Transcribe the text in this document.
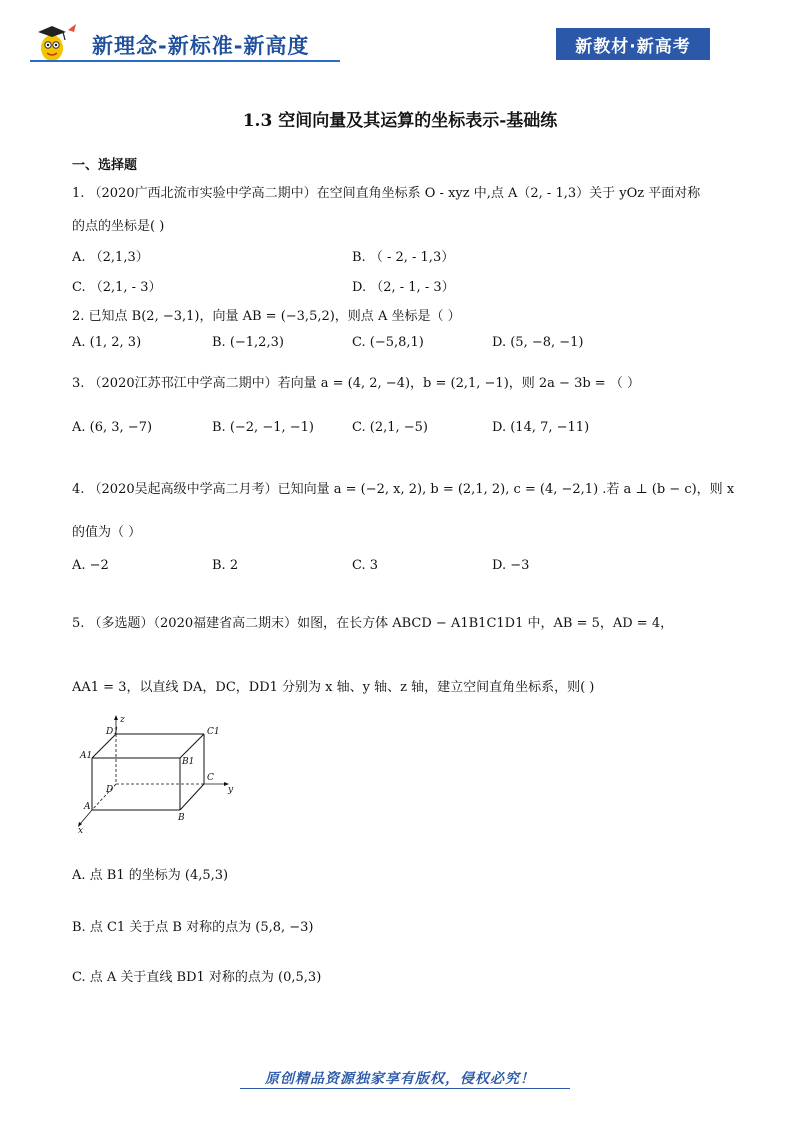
新理念-新标准-新高度	新教材·新高考
1.3 空间向量及其运算的坐标表示-基础练
一、选择题
1. （2020广西北流市实验中学高二期中）在空间直角坐标系 O - xyz 中,点 A（2, - 1,3）关于 yOz 平面对称
的点的坐标是( )
A. （2,1,3）	B. （ - 2, - 1,3）
C. （2,1, - 3）	D. （2, - 1, - 3）
2. 已知点 B(2, −3,1)，向量 AB = (−3,5,2)，则点 A 坐标是（ ）
A. (1, 2, 3)	B. (−1,2,3)	C. (−5,8,1)	D. (5, −8, −1)
3. （2020江苏邗江中学高二期中）若向量 a = (4, 2, −4)，b = (2,1, −1)，则 2a − 3b = （ ）
A. (6, 3, −7)	B. (−2, −1, −1)	C. (2,1, −5)	D. (14, 7, −11)
4. （2020吴起高级中学高二月考）已知向量 a = (−2, x, 2), b = (2,1, 2), c = (4, −2,1) .若 a ⊥ (b − c)，则 x
的值为（ ）
A. −2	B. 2	C. 3	D. −3
5. （多选题）（2020福建省高二期末）如图，在长方体 ABCD − A1B1C1D1 中，AB = 5，AD = 4，
AA1 = 3，以直线 DA，DC，DD1 分别为 x 轴、y 轴、z 轴，建立空间直角坐标系，则( )
z
D1	C1
A1
B1
D
C
y
A
B
x
A. 点 B1 的坐标为 (4,5,3)
B. 点 C1 关于点 B 对称的点为 (5,8, −3)
C. 点 A 关于直线 BD1 对称的点为 (0,5,3)
原创精品资源独家享有版权，侵权必究！
